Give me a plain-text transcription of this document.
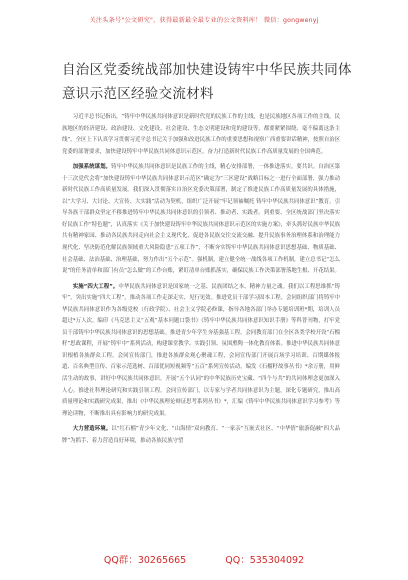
关注头条号"公文研究"，获得最新最全最专业的公文资料库！ 微信：gongwenyj
自治区党委统战部加快建设铸牢中华民族共同体意识示范区经验交流材料

习近平总书记指出，“铸牢中华民族共同体意识是新时代党的民族工作的主线，也是民族地区各项工作的主线。民族地区的经济建设、政治建设、文化建设、社会建设、生态文明建设和党的建设等，都要紧紧围绕、毫不偏离这条主线”。全区上下认真学习贯彻习近平总书记关于加强和改进民族工作的重要思想和视察广西重要讲话精神，按照自治区党委的部署要求，加快建设铸牢中华民族共同体意识示范区，奋力打造新时代民族工作高质量发展的全国典范。

加强系统谋划。铸牢中华民族共同体意识是民族工作的主线，精心安排部署，一体推进落实。要共识。自治区第十三次党代会将“加快建设铸牢中华民族共同体意识示范区”确定为“三区建设”战略目标之一进行全面部署，强力推动新时代民族工作高质量发展。我们深入贯彻落实自治区党委决策部署，制定了推进民族工作高质量发展的具体措施，以“大学习、大讨论、大宣传、大实践”活动为契机，组织广泛开展“牢记领袖嘱托 铸牢中华民族共同体意识”教育。引导各族干部群众坚定不移推进铸牢中华民族共同体意识的引领者、推动者、实践者。到重要、全区统战部门坚决落实好民族工作“特色题”，认真落实《关于加快建设铸牢中华民族共同体意识示范区的实施方案》，牵头抓好民族中华民族共有精神家园、推动各民族共同走向社会主义现代化、促进各民族交往交流交融、提升民族事务治理体系和治理能力现代化、坚决防范化解民族领域重大风险隐患“五项工作”，不断夯实铸牢中华民族共同体意识思想基础、物质基础、社会基础、法治基础、治理基础，努力作出“五个示范”。强机制，建立健全统一战线各项工作机制，建立总书记“怎么说”的任务清单和部门有员“怎么做”的工作台账，紧盯清单台账抓落实，确保民族工作决策部署落地生根、开花结果。

实施“四大工程”。中华民族共同体意识是国家统一之基、民族团结之本、精神力量之魂。我们以工程思维抓“铸牢”，突出实施“四大工程”，推动各项工作走深走实、见行见效。推进党员干部学习固本工程。会同组织部门将铸牢中华民族共同体意识作为各级党校（行政学院）、社会主义学院必修课，指导各地各部门举办专题培训班*期，培训人员超过*万人次。编印《马克思主义“五观”基本问题口袋书》《铸牢中华民族共同体意识知识手册》等科普刊物，打牢党员干部铸牢中华民族共同体意识的思想基础。推进青少年学生夯基强基工程。会同教育部门在全区各类学校开设“石榴籽”思政课程，开展“铸牢中”系列活动，构建课堂教学、实践引领、氛围熏陶一体化教育体系。推进中华民族共同体意识根植各族群众工程。会同宣传部门，推进各族群众观心聚魂工程，会同宣传部门开展百场学习培训、百期媒体报道、百名典型宣传、百家示范选树、百部优同短视频等“五百”系列宣传活动。编发《石榴籽故事丛书》*余万册，用鲜活生动的故事，讲好中华民族共同体意识。开展“五个认同”的中华民族历史宝藏、“四个与共”的共同体理念更加深入人心。推进社科理论研究和实践引领工程。会同宣传部门，以专家与学者共同体意识为主题，深化专题研究，推出高质量理论和实践研究成果，推出《中华民族理论辩证思考系列丛书》*，汇编《铸牢中华民族共同体意识学习参考》等理论读物，不断推出具有影响力的研究成果。

大力营造环境。以“红石榴”青少年文化、“山海情”双向教育、“一家亲”互嵌式社区、“中华情”旅游促融“四大品牌”为抓手，着力营造良好环境，推动各族民族守望

QQ群：30265665	QQ：535304092
